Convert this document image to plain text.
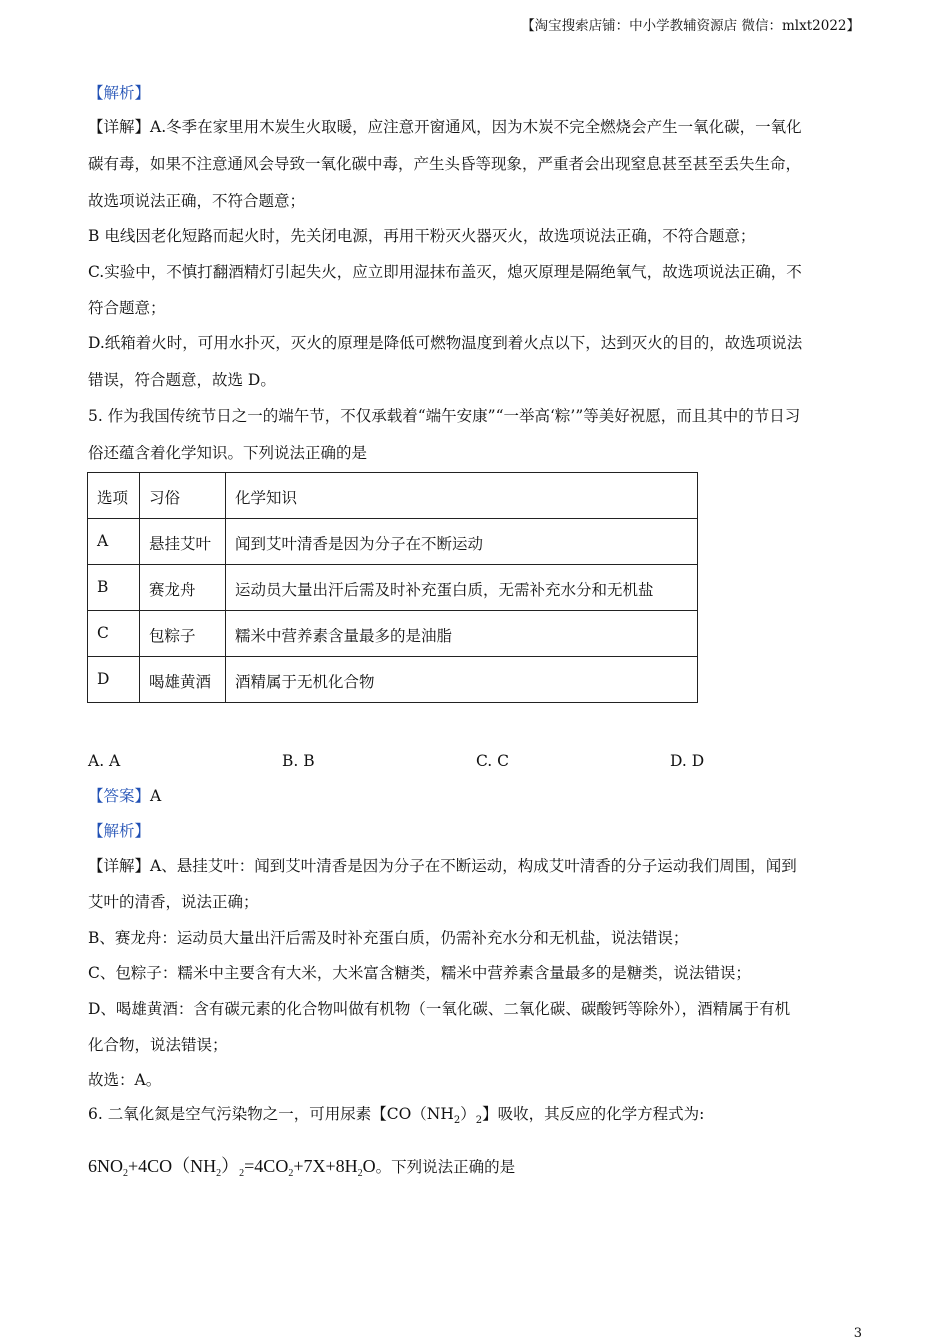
【淘宝搜索店铺：中小学教辅资源店 微信：mlxt2022】
【解析】
【详解】A.冬季在家里用木炭生火取暖，应注意开窗通风，因为木炭不完全燃烧会产生一氧化碳，一氧化
碳有毒，如果不注意通风会导致一氧化碳中毒，产生头昏等现象，严重者会出现窒息甚至甚至丢失生命，
故选项说法正确，不符合题意；
B 电线因老化短路而起火时，先关闭电源，再用干粉灭火器灭火，故选项说法正确，不符合题意；
C.实验中，不慎打翻酒精灯引起失火，应立即用湿抹布盖灭，熄灭原理是隔绝氧气，故选项说法正确，不
符合题意；
D.纸箱着火时，可用水扑灭，灭火的原理是降低可燃物温度到着火点以下，达到灭火的目的，故选项说法
错误，符合题意，故选 D。
5. 作为我国传统节日之一的端午节，不仅承载着“端午安康”“一举高‘粽’”等美好祝愿，而且其中的节日习
俗还蕴含着化学知识。下列说法正确的是
选项	习俗	化学知识
A	悬挂艾叶	闻到艾叶清香是因为分子在不断运动
B	赛龙舟	运动员大量出汗后需及时补充蛋白质，无需补充水分和无机盐
C	包粽子	糯米中营养素含量最多的是油脂
D	喝雄黄酒	酒精属于无机化合物
A. A	B. B	C. C	D. D
【答案】A
【解析】
【详解】A、悬挂艾叶：闻到艾叶清香是因为分子在不断运动，构成艾叶清香的分子运动我们周围，闻到
艾叶的清香，说法正确；
B、赛龙舟：运动员大量出汗后需及时补充蛋白质，仍需补充水分和无机盐，说法错误；
C、包粽子：糯米中主要含有大米，大米富含糖类，糯米中营养素含量最多的是糖类，说法错误；
D、喝雄黄酒：含有碳元素的化合物叫做有机物（一氧化碳、二氧化碳、碳酸钙等除外），酒精属于有机
化合物，说法错误；
故选：A。
6. 二氧化氮是空气污染物之一，可用尿素【$CO(NH_2)_2$】吸收，其反应的化学方程式为:
$6NO_2+4CO(NH_2)_2=4CO_2+7X+8H_2O$。下列说法正确的是
3
